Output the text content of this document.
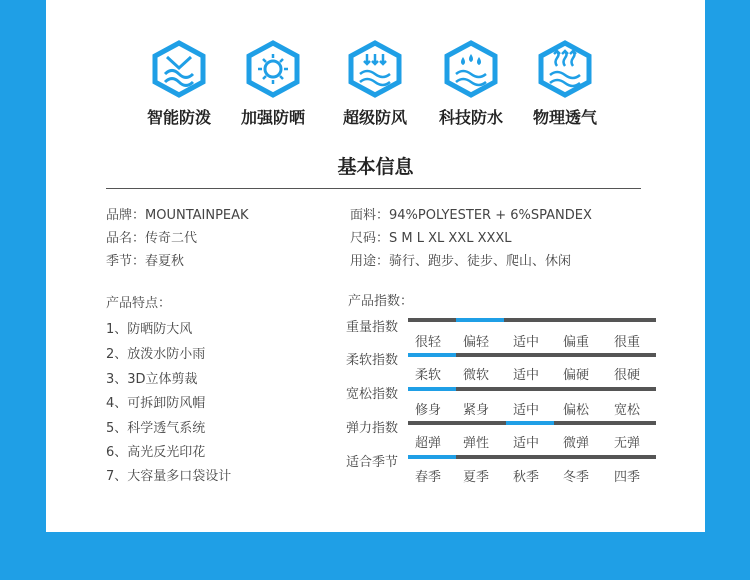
智能防泼	加强防晒	超级防风	科技防水	物理透气
基本信息
品牌：MOUNTAINPEAK
品名：传奇二代
季节：春夏秋
面料：94%POLYESTER + 6%SPANDEX
尺码：S M L XL XXL XXXL
用途：骑行、跑步、徒步、爬山、休闲
产品特点：
1、防晒防大风
2、放泼水防小雨
3、3D立体剪裁
4、可拆卸防风帽
5、科学透气系统
6、高光反光印花
7、大容量多口袋设计
产品指数：
重量指数
很轻	偏轻	适中	偏重	很重
柔软指数
柔软	微软	适中	偏硬	很硬
宽松指数
修身	紧身	适中	偏松	宽松
弹力指数
超弹	弹性	适中	微弹	无弹
适合季节
春季	夏季	秋季	冬季	四季
